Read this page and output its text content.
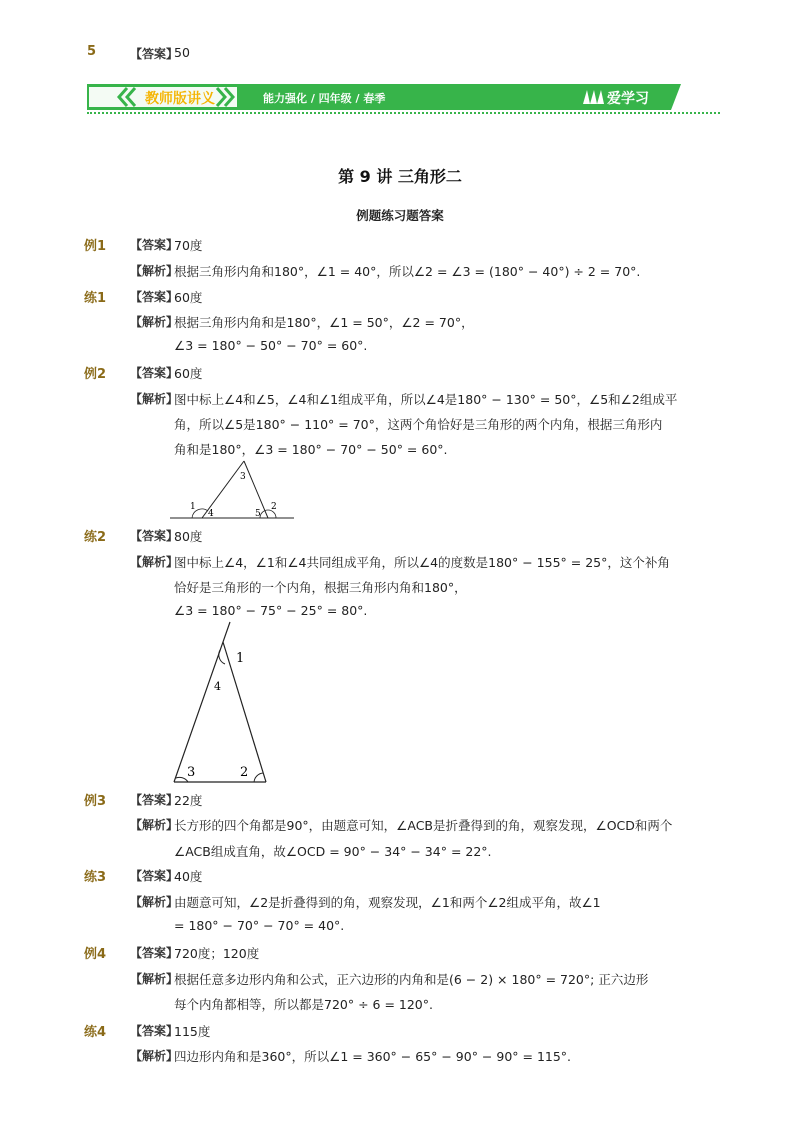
5	【答案】
50
教师版讲义	能力强化 / 四年级 / 春季	爱学习
第 9 讲 三角形二
例题练习题答案
例1 【答案】
70度
【解析】
根据三角形内角和180°，∠1 = 40°，所以∠2 = ∠3 = (180° − 40°) ÷ 2 = 70°.
练1 【答案】
60度
【解析】
根据三角形内角和是180°，∠1 = 50°，∠2 = 70°，
∠3 = 180° − 50° − 70° = 60°.
例2 【答案】
60度
【解析】
图中标上∠4和∠5，∠4和∠1组成平角，所以∠4是180° − 130° = 50°，∠5和∠2组成平
角，所以∠5是180° − 110° = 70°，这两个角恰好是三角形的两个内角，根据三角形内
角和是180°，∠3 = 180° − 70° − 50° = 60°.
1
4
3
5
2
练2 【答案】
80度
【解析】
图中标上∠4，∠1和∠4共同组成平角，所以∠4的度数是180° − 155° = 25°，这个补角
恰好是三角形的一个内角，根据三角形内角和180°，
∠3 = 180° − 75° − 25° = 80°.
1
4
3	2
例3 【答案】
22度
【解析】
长方形的四个角都是90°，由题意可知，∠ACB是折叠得到的角，观察发现，∠OCD和两个
∠ACB组成直角，故∠OCD = 90° − 34° − 34° = 22°.
练3 【答案】
40度
【解析】
由题意可知，∠2是折叠得到的角，观察发现，∠1和两个∠2组成平角，故∠1
= 180° − 70° − 70° = 40°.
例4 【答案】
720度；120度
【解析】
根据任意多边形内角和公式，正六边形的内角和是(6 − 2) × 180° = 720°; 正六边形
每个内角都相等，所以都是720° ÷ 6 = 120°.
练4 【答案】
115度
【解析】
四边形内角和是360°，所以∠1 = 360° − 65° − 90° − 90° = 115°.
